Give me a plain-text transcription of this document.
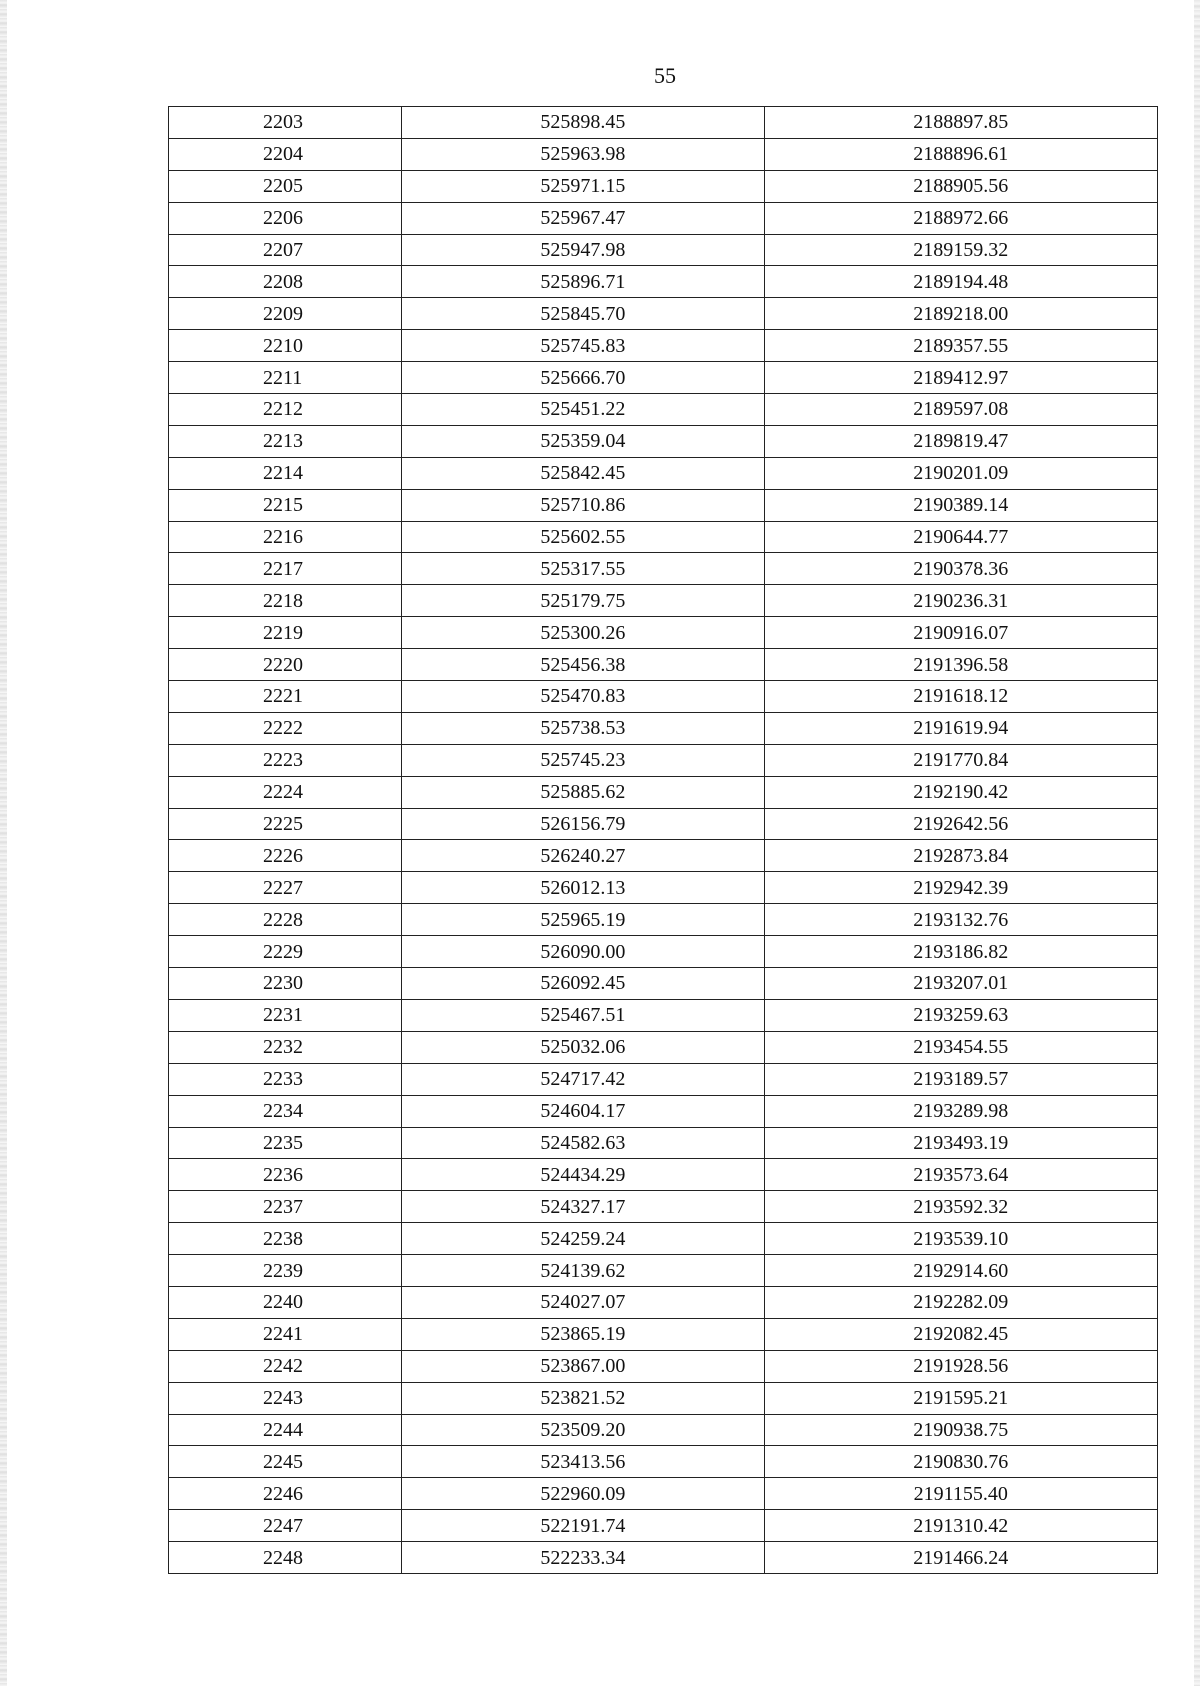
55
2203	525898.45	2188897.85
2204	525963.98	2188896.61
2205	525971.15	2188905.56
2206	525967.47	2188972.66
2207	525947.98	2189159.32
2208	525896.71	2189194.48
2209	525845.70	2189218.00
2210	525745.83	2189357.55
2211	525666.70	2189412.97
2212	525451.22	2189597.08
2213	525359.04	2189819.47
2214	525842.45	2190201.09
2215	525710.86	2190389.14
2216	525602.55	2190644.77
2217	525317.55	2190378.36
2218	525179.75	2190236.31
2219	525300.26	2190916.07
2220	525456.38	2191396.58
2221	525470.83	2191618.12
2222	525738.53	2191619.94
2223	525745.23	2191770.84
2224	525885.62	2192190.42
2225	526156.79	2192642.56
2226	526240.27	2192873.84
2227	526012.13	2192942.39
2228	525965.19	2193132.76
2229	526090.00	2193186.82
2230	526092.45	2193207.01
2231	525467.51	2193259.63
2232	525032.06	2193454.55
2233	524717.42	2193189.57
2234	524604.17	2193289.98
2235	524582.63	2193493.19
2236	524434.29	2193573.64
2237	524327.17	2193592.32
2238	524259.24	2193539.10
2239	524139.62	2192914.60
2240	524027.07	2192282.09
2241	523865.19	2192082.45
2242	523867.00	2191928.56
2243	523821.52	2191595.21
2244	523509.20	2190938.75
2245	523413.56	2190830.76
2246	522960.09	2191155.40
2247	522191.74	2191310.42
2248	522233.34	2191466.24
